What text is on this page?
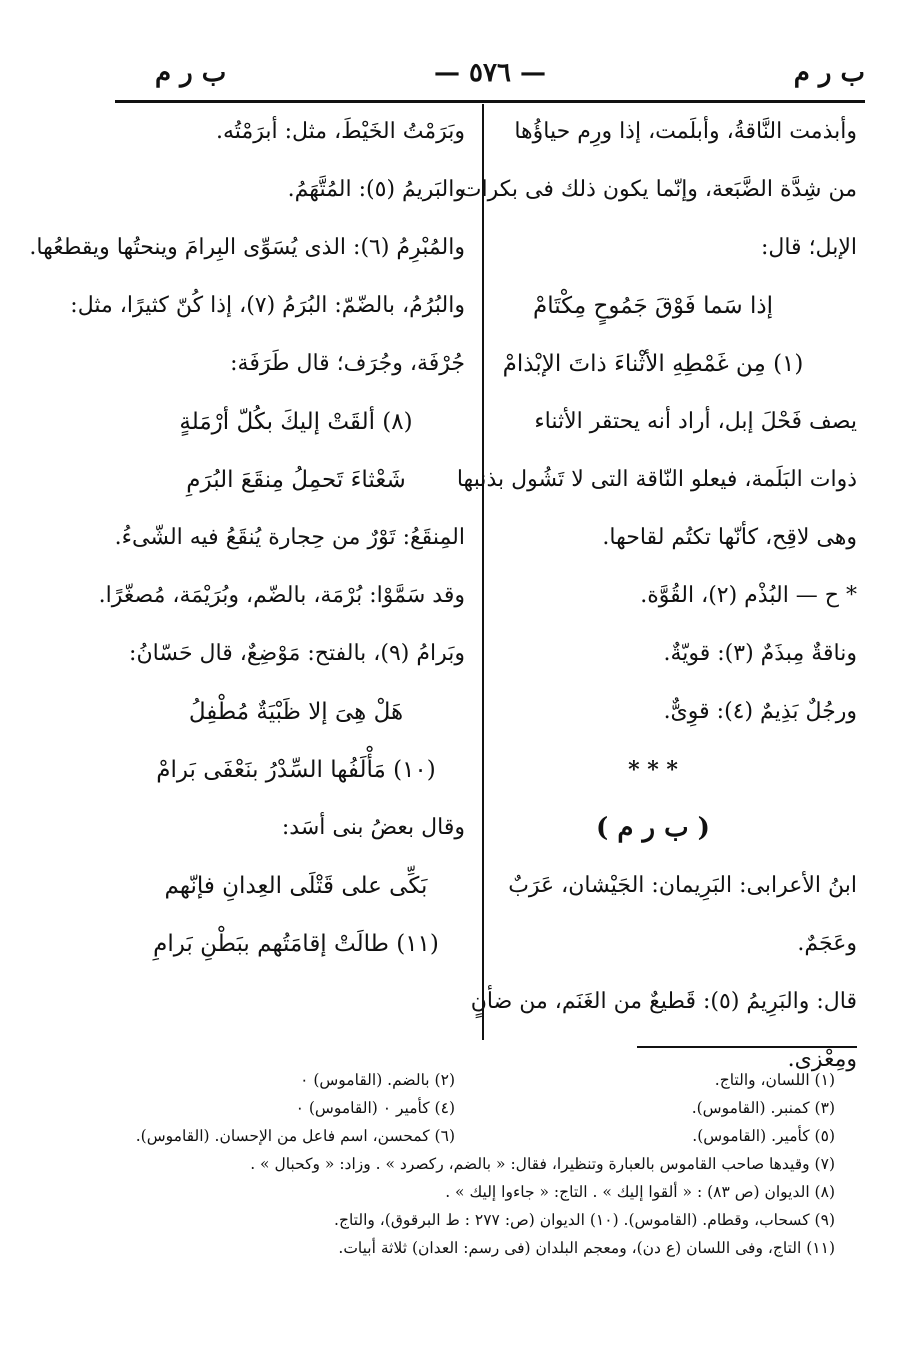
ب ر م
— ٥٧٦ —
ب ر م
وأبذمت النَّاقةُ، وأبلَمت، إذا ورِم حياؤُها
من شِدَّة الضَّبَعة، وإنّما يكون ذلك فى بكرات
الإبل؛ قال:
إذا سَما فَوْقَ جَمُوحٍ مِكْتَامْ
(١) مِن غَمْطِهِ الأثْناءَ ذاتَ الإبْذامْ
يصف فَحْلَ إبل، أراد أنه يحتقر الأثناء
ذوات البَلَمة، فيعلو النّاقة التى لا تَشُول بذنبها
وهى لاقِح، كأنّها تكتُم لقاحها.
* ح — البُذْم (٢)، القُوَّة.
وناقةٌ مِبذَمٌ (٣): قويّةٌ.
ورجُلٌ بَذِيمٌ (٤): قوِىٌّ.
* * *
( ب ر م )
ابنُ الأعرابى: البَرِيمان: الجَيْشان، عَرَبٌ
وعَجَمٌ.
قال: والبَرِيمُ (٥): قَطيعٌ من الغَنَم، من ضأنٍ
ومِعْزى.
وبَرَمْتُ الخَيْطَ، مثل: أبرَمْتُه.
والبَريمُ (٥): المُتَّهَمُ.
والمُبْرِمُ (٦): الذى يُسَوِّى البِرامَ وينحتُها ويقطعُها.
والبُرُمُ، بالضّمّ: البُرَمُ (٧)، إذا كُنّ كثيرًا، مثل:
جُرْفَة، وجُرَف؛ قال طَرَفَة:
(٨) ألقَتْ إليكَ بكُلّ أرْمَلةٍ
شَعْثاءَ تَحمِلُ مِنقَعَ البُرَمِ
المِنقَعُ: تَوْرٌ من حِجارة يُنقَعُ فيه الشّىءُ.
وقد سَمَّوْا: بُرْمَة، بالضّم، وبُرَيْمَة، مُصغّرًا.
وبَرامُ (٩)، بالفتح: مَوْضِعٌ، قال حَسّانُ:
هَلْ هِىَ إلا ظَبْيَةٌ مُطْفِلُ
(١٠) مَأْلَفُها السِّدْرُ بنَعْفَى بَرامْ
وقال بعضُ بنى أسَد:
بَكِّى على قَتْلَى العِدانِ فإنّهم
(١١) طالَتْ إقامَتُهم ببَطْنِ بَرامِ
(١) اللسان، والتاج.
(٢) بالضم. (القاموس) ٠
(٣) كمنبر. (القاموس).
(٤) كأمير ٠ (القاموس) ٠
(٥) كأمير. (القاموس).
(٦) كمحسن، اسم فاعل من الإحسان. (القاموس).
(٧) وقيدها صاحب القاموس بالعبارة وتنظيرا، فقال: « بالضم، ركصرد » . وزاد: « وكحبال » .
(٨) الديوان (ص ٨٣) : « ألقوا إليك » . التاج: « جاءوا إليك » .
(٩) كسحاب، وقطام. (القاموس). (١٠) الديوان (ص: ٢٧٧ : ط البرقوق)، والتاج.
(١١) التاج، وفى اللسان (ع دن)، ومعجم البلدان (فى رسم: العدان) ثلاثة أبيات.
